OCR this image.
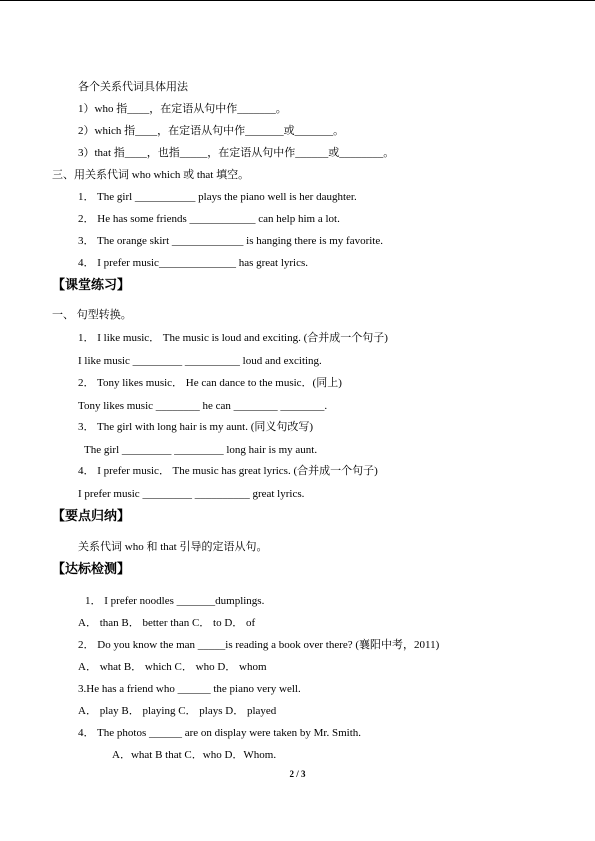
各个关系代词具体用法
1）who 指____，在定语从句中作_______。
2）which 指____，在定语从句中作_______或_______。
3）that 指____，也指_____，在定语从句中作______或________。
三、用关系代词 who which 或 that 填空。
1． The girl ___________ plays the piano well is her daughter.
2． He has some friends ____________ can help him a lot.
3． The orange skirt _____________ is hanging there is my favorite.
4． I prefer music______________ has great lyrics.
【课堂练习】
一、 句型转换。
1． I like music． The music is loud and exciting. (合并成一个句子)
I like music _________ __________ loud and exciting.
2． Tony likes music． He can dance to the music．(同上)
Tony likes music ________ he can ________ ________.
3． The girl with long hair is my aunt. (同义句改写)
The girl _________ _________ long hair is my aunt.
4． I prefer music． The music has great lyrics. (合并成一个句子)
I prefer music _________ __________ great lyrics.
【要点归纳】
关系代词 who 和 that 引导的定语从句。
【达标检测】
1． I prefer noodles _______dumplings.
A． than B． better than C． to D． of
2． Do you know the man _____is reading a book over there? (襄阳中考，2011)
A． what B． which C． who D． whom
3.He has a friend who ______ the piano very well.
A． play B． playing C． plays D． played
4． The photos ______ are on display were taken by Mr. Smith.
A．what B that C．who D．Whom.
2 / 3
